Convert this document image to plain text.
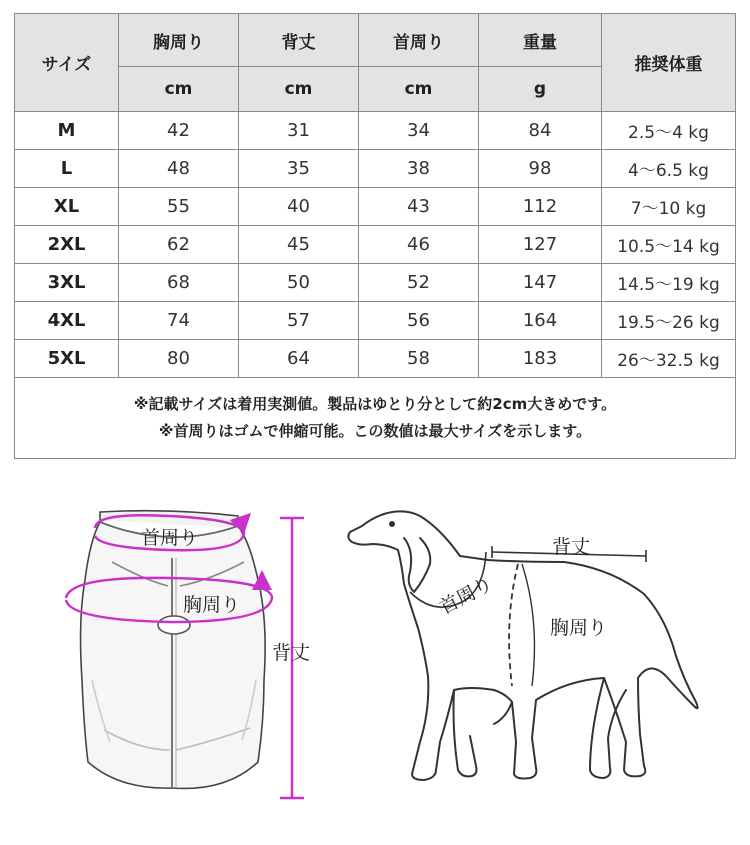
サイズ	胸周り	背丈	首周り	重量	推奨体重
	cm	cm	cm	g	
M	42	31	34	84	2.5～4 kg
L	48	35	38	98	4～6.5 kg
XL	55	40	43	112	7～10 kg
2XL	62	45	46	127	10.5～14 kg
3XL	68	50	52	147	14.5～19 kg
4XL	74	57	56	164	19.5～26 kg
5XL	80	64	58	183	26～32.5 kg

※記載サイズは着用実測値。製品はゆとり分として約2cm大きめです。
※首周りはゴムで伸縮可能。この数値は最大サイズを示します。					
首周り
胸周り
背丈
背丈
首周り
胸周り
